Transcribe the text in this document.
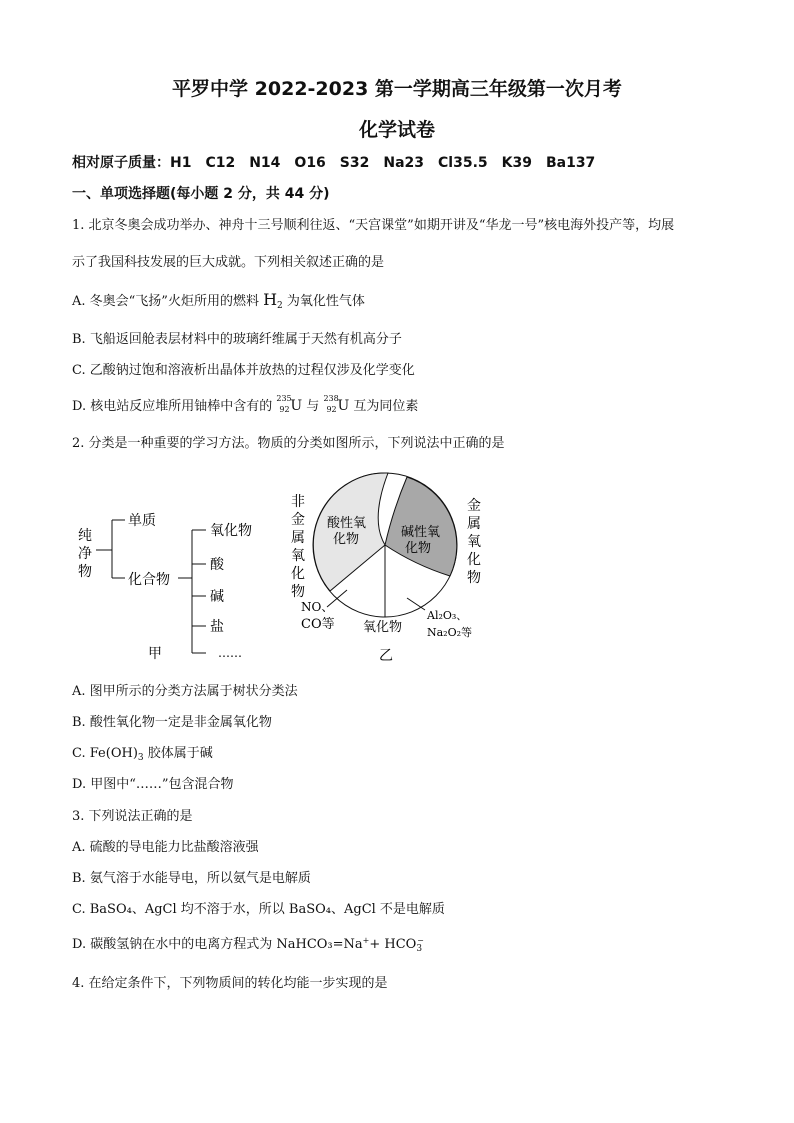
平罗中学 2022-2023 第一学期高三年级第一次月考
化学试卷
相对原子质量：H1　C12　N14　O16　S32　Na23　Cl35.5　K39　Ba137
一、单项选择题(每小题 2 分，共 44 分)
1. 北京冬奥会成功举办、神舟十三号顺利往返、“天宫课堂”如期开讲及“华龙一号”核电海外投产等，均展
示了我国科技发展的巨大成就。下列相关叙述正确的是
A. 冬奥会“飞扬”火炬所用的燃料 $H_2$ 为氧化性气体
B. 飞船返回舱表层材料中的玻璃纤维属于天然有机高分子
C. 乙酸钠过饱和溶液析出晶体并放热的过程仅涉及化学变化
D. 核电站反应堆所用铀棒中含有的
235
92 U 与
238
92 U 互为同位素
2. 分类是一种重要的学习方法。物质的分类如图所示，下列说法中正确的是
纯
净
物
单质
化合物
氧化物
酸
碱
盐
……
甲
非
金
属
氧
化
物
酸性氧
化物	碱性氧
化物
NO、
CO等 氧化物
Al₂O₃、
Na₂O₂等
乙
金
属
氧
化
物
A. 图甲所示的分类方法属于树状分类法
B. 酸性氧化物一定是非金属氧化物
C. $Fe(OH)_3$ 胶体属于碱
D. 甲图中“……”包含混合物
3. 下列说法正确的是
A. 硫酸的导电能力比盐酸溶液强
B. 氨气溶于水能导电，所以氨气是电解质
C. BaSO₄、AgCl 均不溶于水，所以 BaSO₄、AgCl 不是电解质
D. 碳酸氢钠在水中的电离方程式为 NaHCO₃=Na++ $HCO_3^-$
4. 在给定条件下，下列物质间的转化均能一步实现的是
